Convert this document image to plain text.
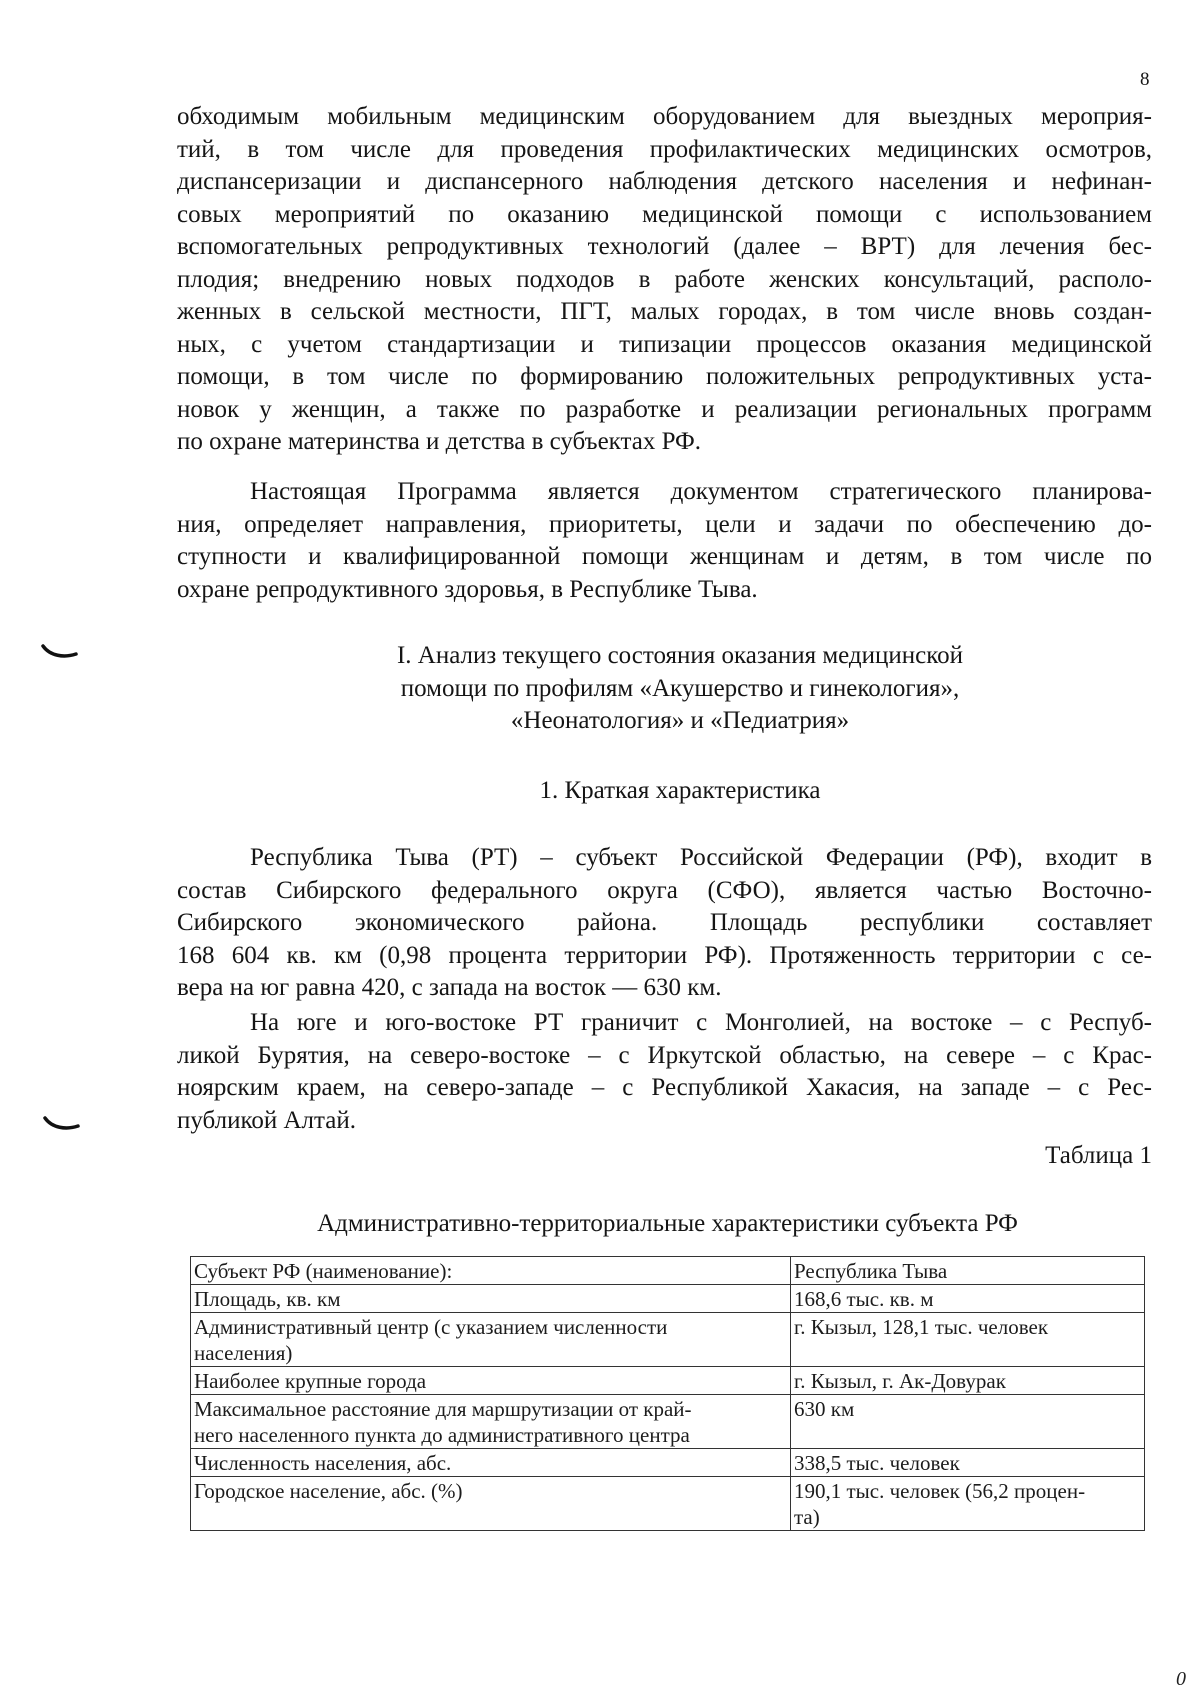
8
обходимым мобильным медицинским оборудованием для выездных мероприя-
тий, в том числе для проведения профилактических медицинских осмотров,
диспансеризации и диспансерного наблюдения детского населения и нефинан-
совых мероприятий по оказанию медицинской помощи с использованием
вспомогательных репродуктивных технологий (далее – ВРТ) для лечения бес-
плодия; внедрению новых подходов в работе женских консультаций, располо-
женных в сельской местности, ПГТ, малых городах, в том числе вновь создан-
ных, с учетом стандартизации и типизации процессов оказания медицинской
помощи, в том числе по формированию положительных репродуктивных уста-
новок у женщин, а также по разработке и реализации региональных программ
по охране материнства и детства в субъектах РФ.
Настоящая Программа является документом стратегического планирова-
ния, определяет направления, приоритеты, цели и задачи по обеспечению до-
ступности и квалифицированной помощи женщинам и детям, в том числе по
охране репродуктивного здоровья, в Республике Тыва.
I. Анализ текущего состояния оказания медицинской
помощи по профилям «Акушерство и гинекология»,
«Неонатология» и «Педиатрия»
1. Краткая характеристика
Республика Тыва (РТ) – субъект Российской Федерации (РФ), входит в
состав Сибирского федерального округа (СФО), является частью Восточно-
Сибирского экономического района. Площадь республики составляет
168 604 кв. км (0,98 процента территории РФ). Протяженность территории с се-
вера на юг равна 420, с запада на восток — 630 км.
На юге и юго-востоке РТ граничит с Монголией, на востоке – с Респуб-
ликой Бурятия, на северо-востоке – с Иркутской областью, на севере – с Крас-
ноярским краем, на северо-западе – с Республикой Хакасия, на западе – с Рес-
публикой Алтай.
Таблица 1
Административно-территориальные характеристики субъекта РФ
Субъект РФ (наименование):	Республика Тыва

Площадь, кв. км	168,6 тыс. кв. м

Административный центр (с указанием численности
населения)	г. Кызыл, 128,1 тыс. человек

Наиболее крупные города	г. Кызыл, г. Ак-Довурак

Максимальное расстояние для маршрутизации от край-
него населенного пункта до административного центра	630 км

Численность населения, абс.	338,5 тыс. человек

Городское население, абс. (%)	190,1 тыс. человек (56,2 процен-
та)
0
